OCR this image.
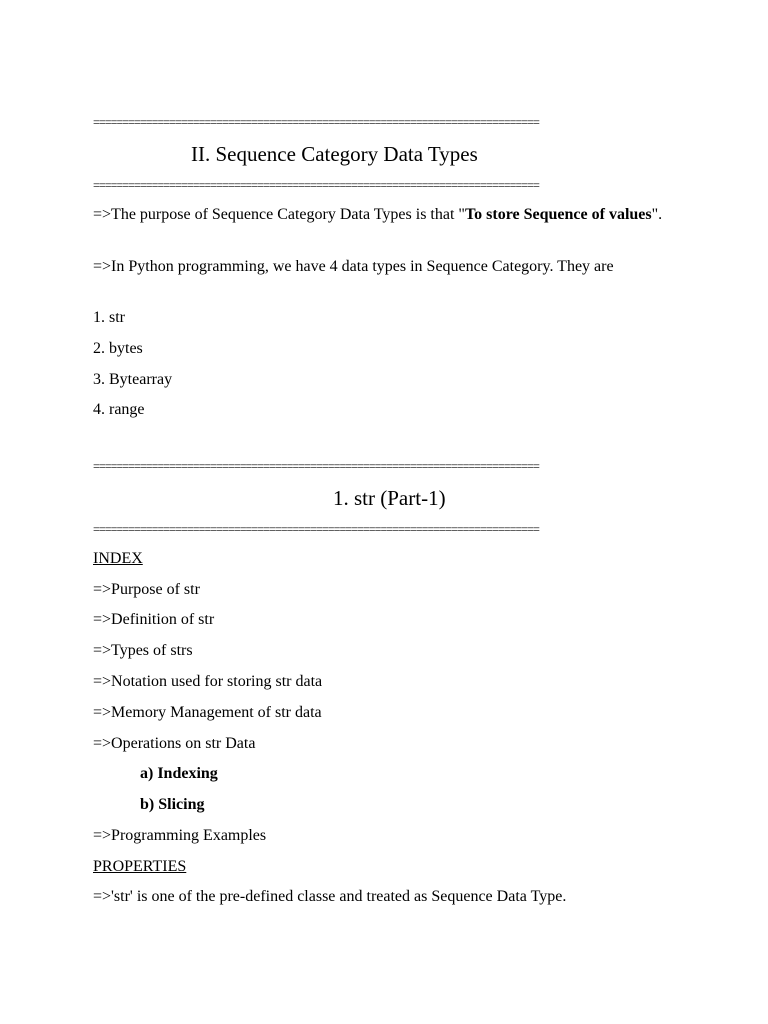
============================================================================
II. Sequence Category Data Types
============================================================================
=>The purpose of Sequence Category Data Types is that "To store Sequence of values".
=>In Python programming, we have 4 data types in Sequence Category. They are
1. str
2. bytes
3. Bytearray
4. range
============================================================================
1. str (Part-1)
============================================================================
INDEX
=>Purpose of str
=>Definition of str
=>Types of strs
=>Notation used for storing str data
=>Memory Management of str data
=>Operations on str Data
a) Indexing
b) Slicing
=>Programming Examples
PROPERTIES
=>'str' is one of the pre-defined classe and treated as Sequence Data Type.
